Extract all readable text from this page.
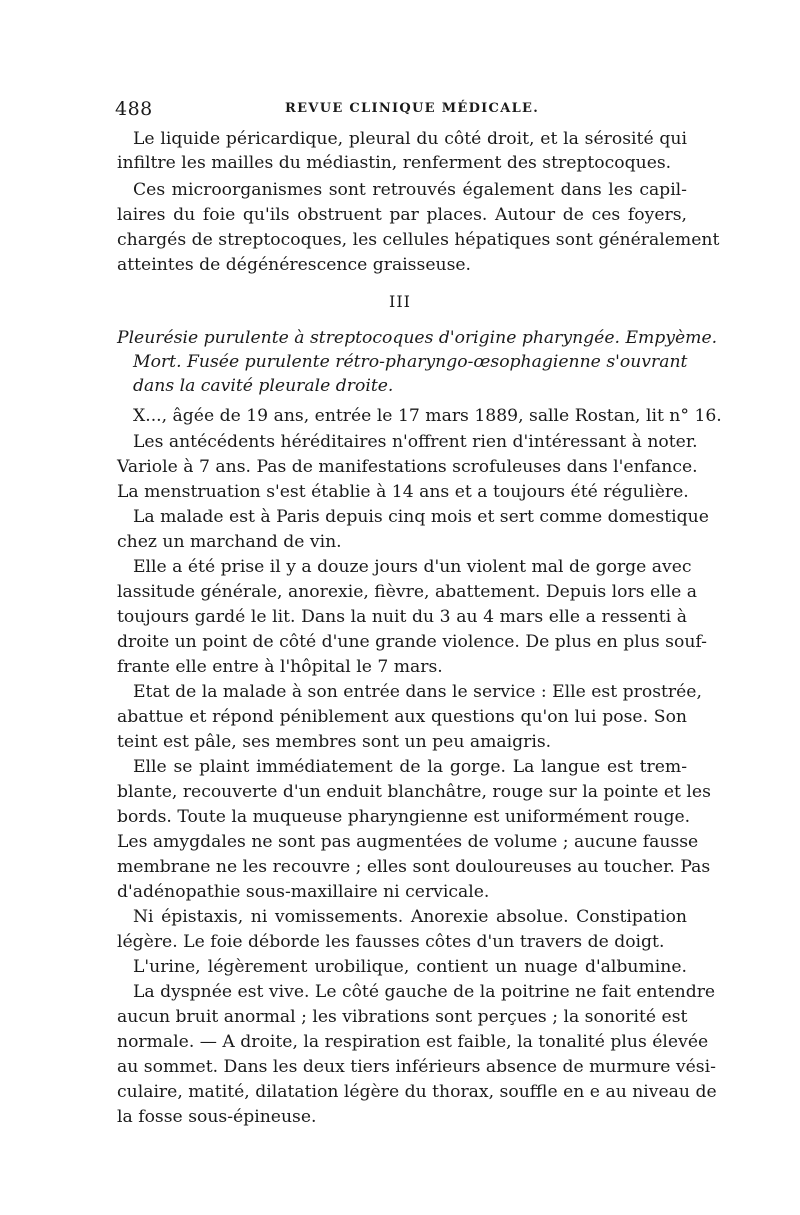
488	REVUE CLINIQUE MÉDICALE.
Le liquide péricardique, pleural du côté droit, et la sérosité qui
infiltre les mailles du médiastin, renferment des streptocoques.
Ces microorganismes sont retrouvés également dans les capil-
laires du foie qu'ils obstruent par places. Autour de ces foyers,
chargés de streptocoques, les cellules hépatiques sont généralement
atteintes de dégénérescence graisseuse.
III
Pleurésie purulente à streptocoques d'origine pharyngée. Empyème.
Mort. Fusée purulente rétro-pharyngo-œsophagienne s'ouvrant
dans la cavité pleurale droite.
X..., âgée de 19 ans, entrée le 17 mars 1889, salle Rostan, lit n° 16.
Les antécédents héréditaires n'offrent rien d'intéressant à noter.
Variole à 7 ans. Pas de manifestations scrofuleuses dans l'enfance.
La menstruation s'est établie à 14 ans et a toujours été régulière.
La malade est à Paris depuis cinq mois et sert comme domestique
chez un marchand de vin.
Elle a été prise il y a douze jours d'un violent mal de gorge avec
lassitude générale, anorexie, fièvre, abattement. Depuis lors elle a
toujours gardé le lit. Dans la nuit du 3 au 4 mars elle a ressenti à
droite un point de côté d'une grande violence. De plus en plus souf-
frante elle entre à l'hôpital le 7 mars.
Etat de la malade à son entrée dans le service : Elle est prostrée,
abattue et répond péniblement aux questions qu'on lui pose. Son
teint est pâle, ses membres sont un peu amaigris.
Elle se plaint immédiatement de la gorge. La langue est trem-
blante, recouverte d'un enduit blanchâtre, rouge sur la pointe et les
bords. Toute la muqueuse pharyngienne est uniformément rouge.
Les amygdales ne sont pas augmentées de volume ; aucune fausse
membrane ne les recouvre ; elles sont douloureuses au toucher. Pas
d'adénopathie sous-maxillaire ni cervicale.
Ni épistaxis, ni vomissements. Anorexie absolue. Constipation
légère. Le foie déborde les fausses côtes d'un travers de doigt.
L'urine, légèrement urobilique, contient un nuage d'albumine.
La dyspnée est vive. Le côté gauche de la poitrine ne fait entendre
aucun bruit anormal ; les vibrations sont perçues ; la sonorité est
normale. — A droite, la respiration est faible, la tonalité plus élevée
au sommet. Dans les deux tiers inférieurs absence de murmure vési-
culaire, matité, dilatation légère du thorax, souffle en e au niveau de
la fosse sous-épineuse.
